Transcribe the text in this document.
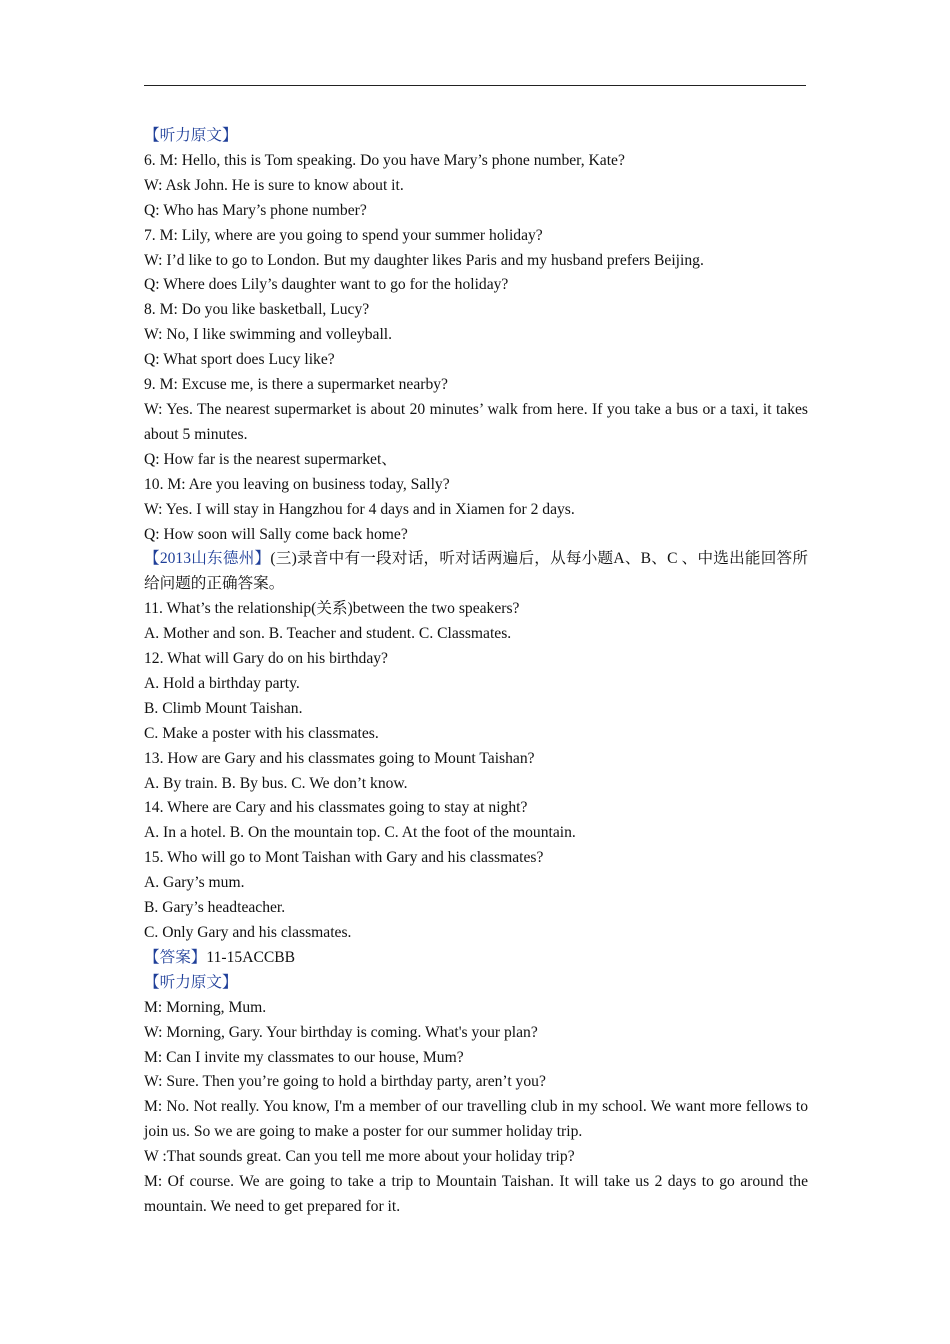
【听力原文】
6. M: Hello, this is Tom speaking. Do you have Mary’s phone number, Kate?
W: Ask John. He is sure to know about it.
Q: Who has Mary’s phone number?
7. M: Lily, where are you going to spend your summer holiday?
W: I’d like to go to London. But my daughter likes Paris and my husband prefers Beijing.
Q: Where does Lily’s daughter want to go for the holiday?
8. M: Do you like basketball, Lucy?
W: No, I like swimming and volleyball.
Q: What sport does Lucy like?
9. M: Excuse me, is there a supermarket nearby?
W: Yes. The nearest supermarket is about 20 minutes’ walk from here. If you take a bus or a taxi, it takes about 5 minutes.
Q: How far is the nearest supermarket、
10. M: Are you leaving on business today, Sally?
W: Yes. I will stay in Hangzhou for 4 days and in Xiamen for 2 days.
Q: How soon will Sally come back home?
【2013山东德州】(三)录音中有一段对话，听对话两遍后，从每小题A、B、C 、中选出能回答所给问题的正确答案。
11. What’s the relationship(关系)between the two speakers?
A. Mother and son. B. Teacher and student. C. Classmates.
12. What will Gary do on his birthday?
A. Hold a birthday party.
B. Climb Mount Taishan.
C. Make a poster with his classmates.
13. How are Gary and his classmates going to Mount Taishan?
A. By train. B. By bus. C. We don’t know.
14. Where are Cary and his classmates going to stay at night?
A. In a hotel. B. On the mountain top. C. At the foot of the mountain.
15. Who will go to Mont Taishan with Gary and his classmates?
A. Gary’s mum.
B. Gary’s headteacher.
C. Only Gary and his classmates.
【答案】11-15ACCBB
【听力原文】
M: Morning, Mum.
W: Morning, Gary. Your birthday is coming. What's your plan?
M: Can I invite my classmates to our house, Mum?
W: Sure. Then you’re going to hold a birthday party, aren’t you?
M: No. Not really. You know, I'm a member of our travelling club in my school. We want more fellows to join us. So we are going to make a poster for our summer holiday trip.
W :That sounds great. Can you tell me more about your holiday trip?
M: Of course. We are going to take a trip to Mountain Taishan. It will take us 2 days to go around the mountain. We need to get prepared for it.
